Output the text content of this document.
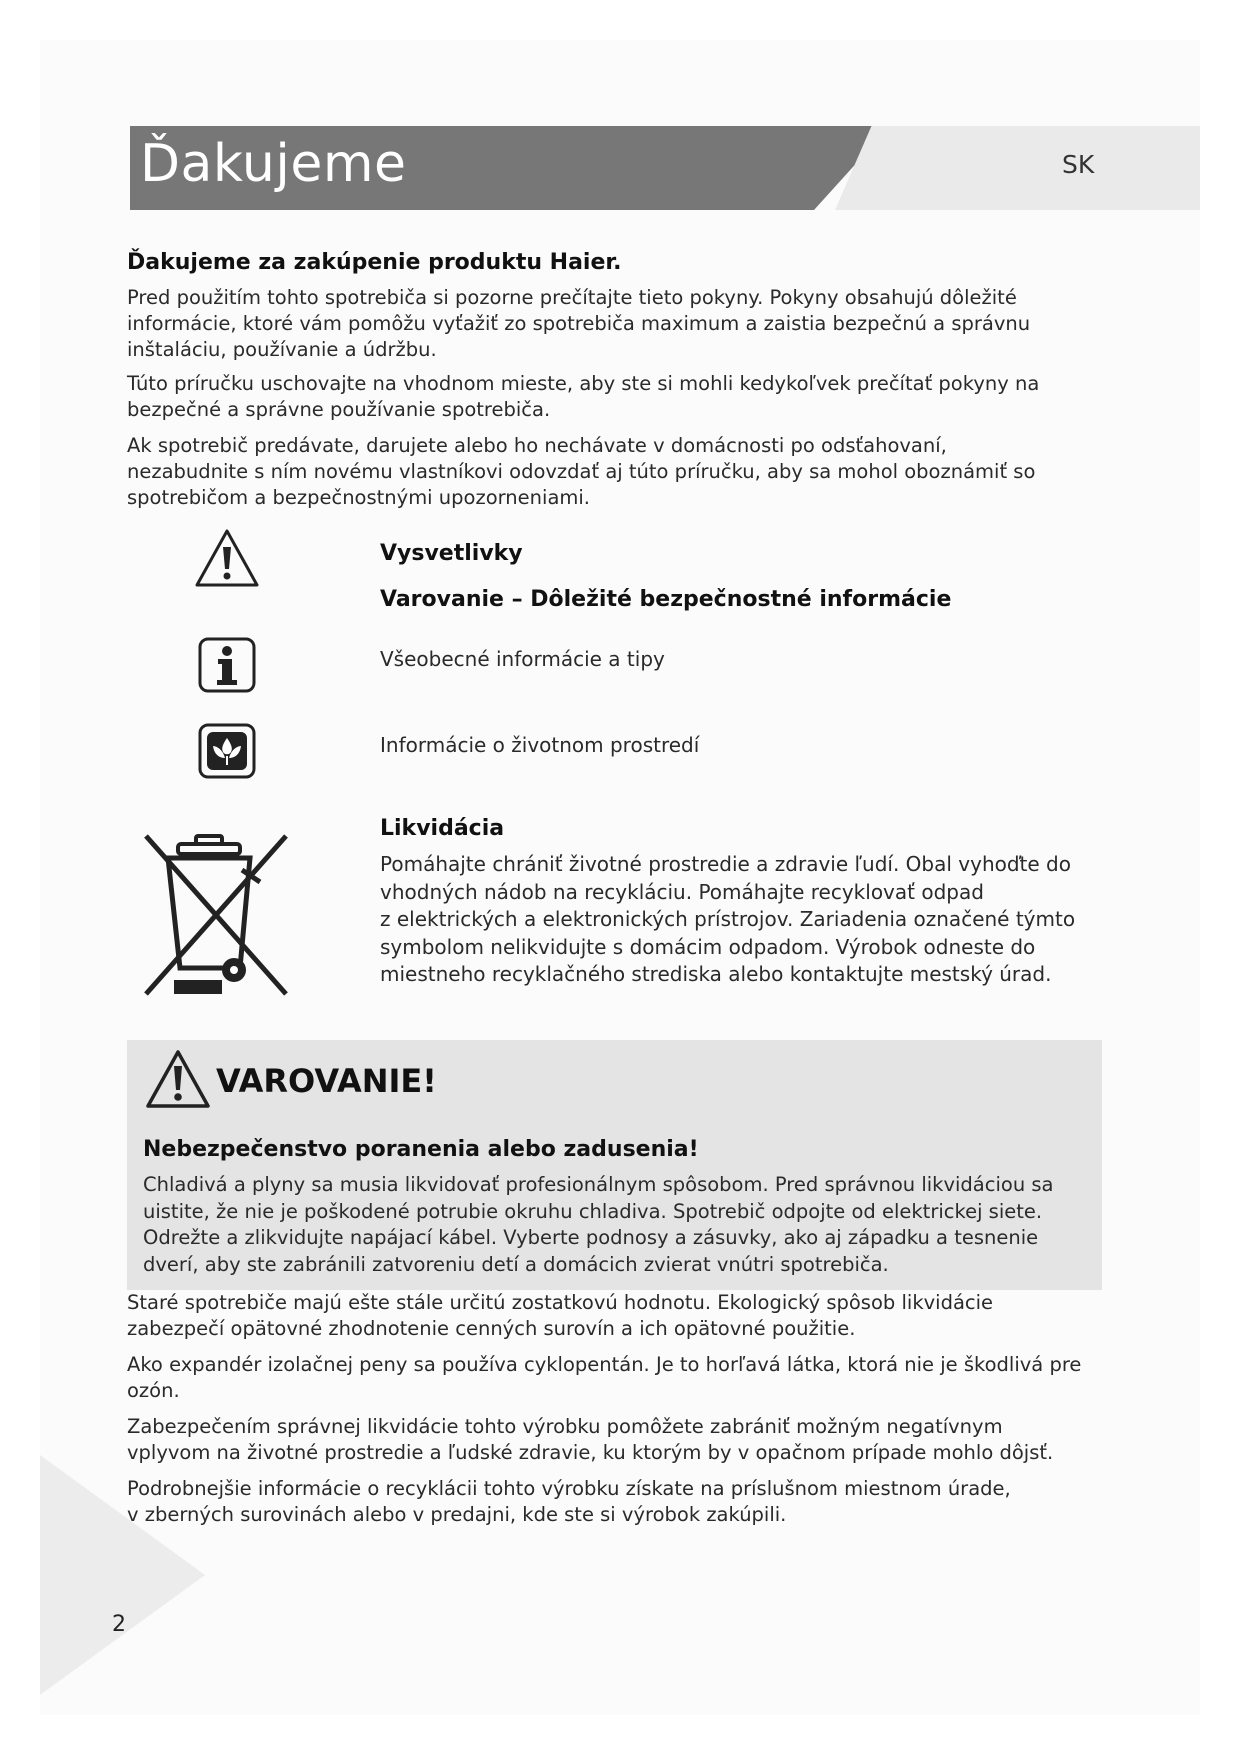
Ďakujeme	SK
Ďakujeme za zakúpenie produktu Haier.
Pred použitím tohto spotrebiča si pozorne prečítajte tieto pokyny. Pokyny obsahujú dôležité
informácie, ktoré vám pomôžu vyťažiť zo spotrebiča maximum a zaistia bezpečnú a správnu
inštaláciu, používanie a údržbu.
Túto príručku uschovajte na vhodnom mieste, aby ste si mohli kedykoľvek prečítať pokyny na
bezpečné a správne používanie spotrebiča.
Ak spotrebič predávate, darujete alebo ho nechávate v domácnosti po odsťahovaní,
nezabudnite s ním novému vlastníkovi odovzdať aj túto príručku, aby sa mohol oboznámiť so
spotrebičom a bezpečnostnými upozorneniami.
Vysvetlivky
Varovanie – Dôležité bezpečnostné informácie
Všeobecné informácie a tipy
Informácie o životnom prostredí
Likvidácia
Pomáhajte chrániť životné prostredie a zdravie ľudí. Obal vyhoďte do
vhodných nádob na recykláciu. Pomáhajte recyklovať odpad
z elektrických a elektronických prístrojov. Zariadenia označené týmto
symbolom nelikvidujte s domácim odpadom. Výrobok odneste do
miestneho recyklačného strediska alebo kontaktujte mestský úrad.
VAROVANIE!
Nebezpečenstvo poranenia alebo zadusenia!
Chladivá a plyny sa musia likvidovať profesionálnym spôsobom. Pred správnou likvidáciou sa
uistite, že nie je poškodené potrubie okruhu chladiva. Spotrebič odpojte od elektrickej siete.
Odrežte a zlikvidujte napájací kábel. Vyberte podnosy a zásuvky, ako aj západku a tesnenie
dverí, aby ste zabránili zatvoreniu detí a domácich zvierat vnútri spotrebiča.
Staré spotrebiče majú ešte stále určitú zostatkovú hodnotu. Ekologický spôsob likvidácie
zabezpečí opätovné zhodnotenie cenných surovín a ich opätovné použitie.
Ako expandér izolačnej peny sa používa cyklopentán. Je to horľavá látka, ktorá nie je škodlivá pre
ozón.
Zabezpečením správnej likvidácie tohto výrobku pomôžete zabrániť možným negatívnym
vplyvom na životné prostredie a ľudské zdravie, ku ktorým by v opačnom prípade mohlo dôjsť.
Podrobnejšie informácie o recyklácii tohto výrobku získate na príslušnom miestnom úrade,
v zberných surovinách alebo v predajni, kde ste si výrobok zakúpili.
2
